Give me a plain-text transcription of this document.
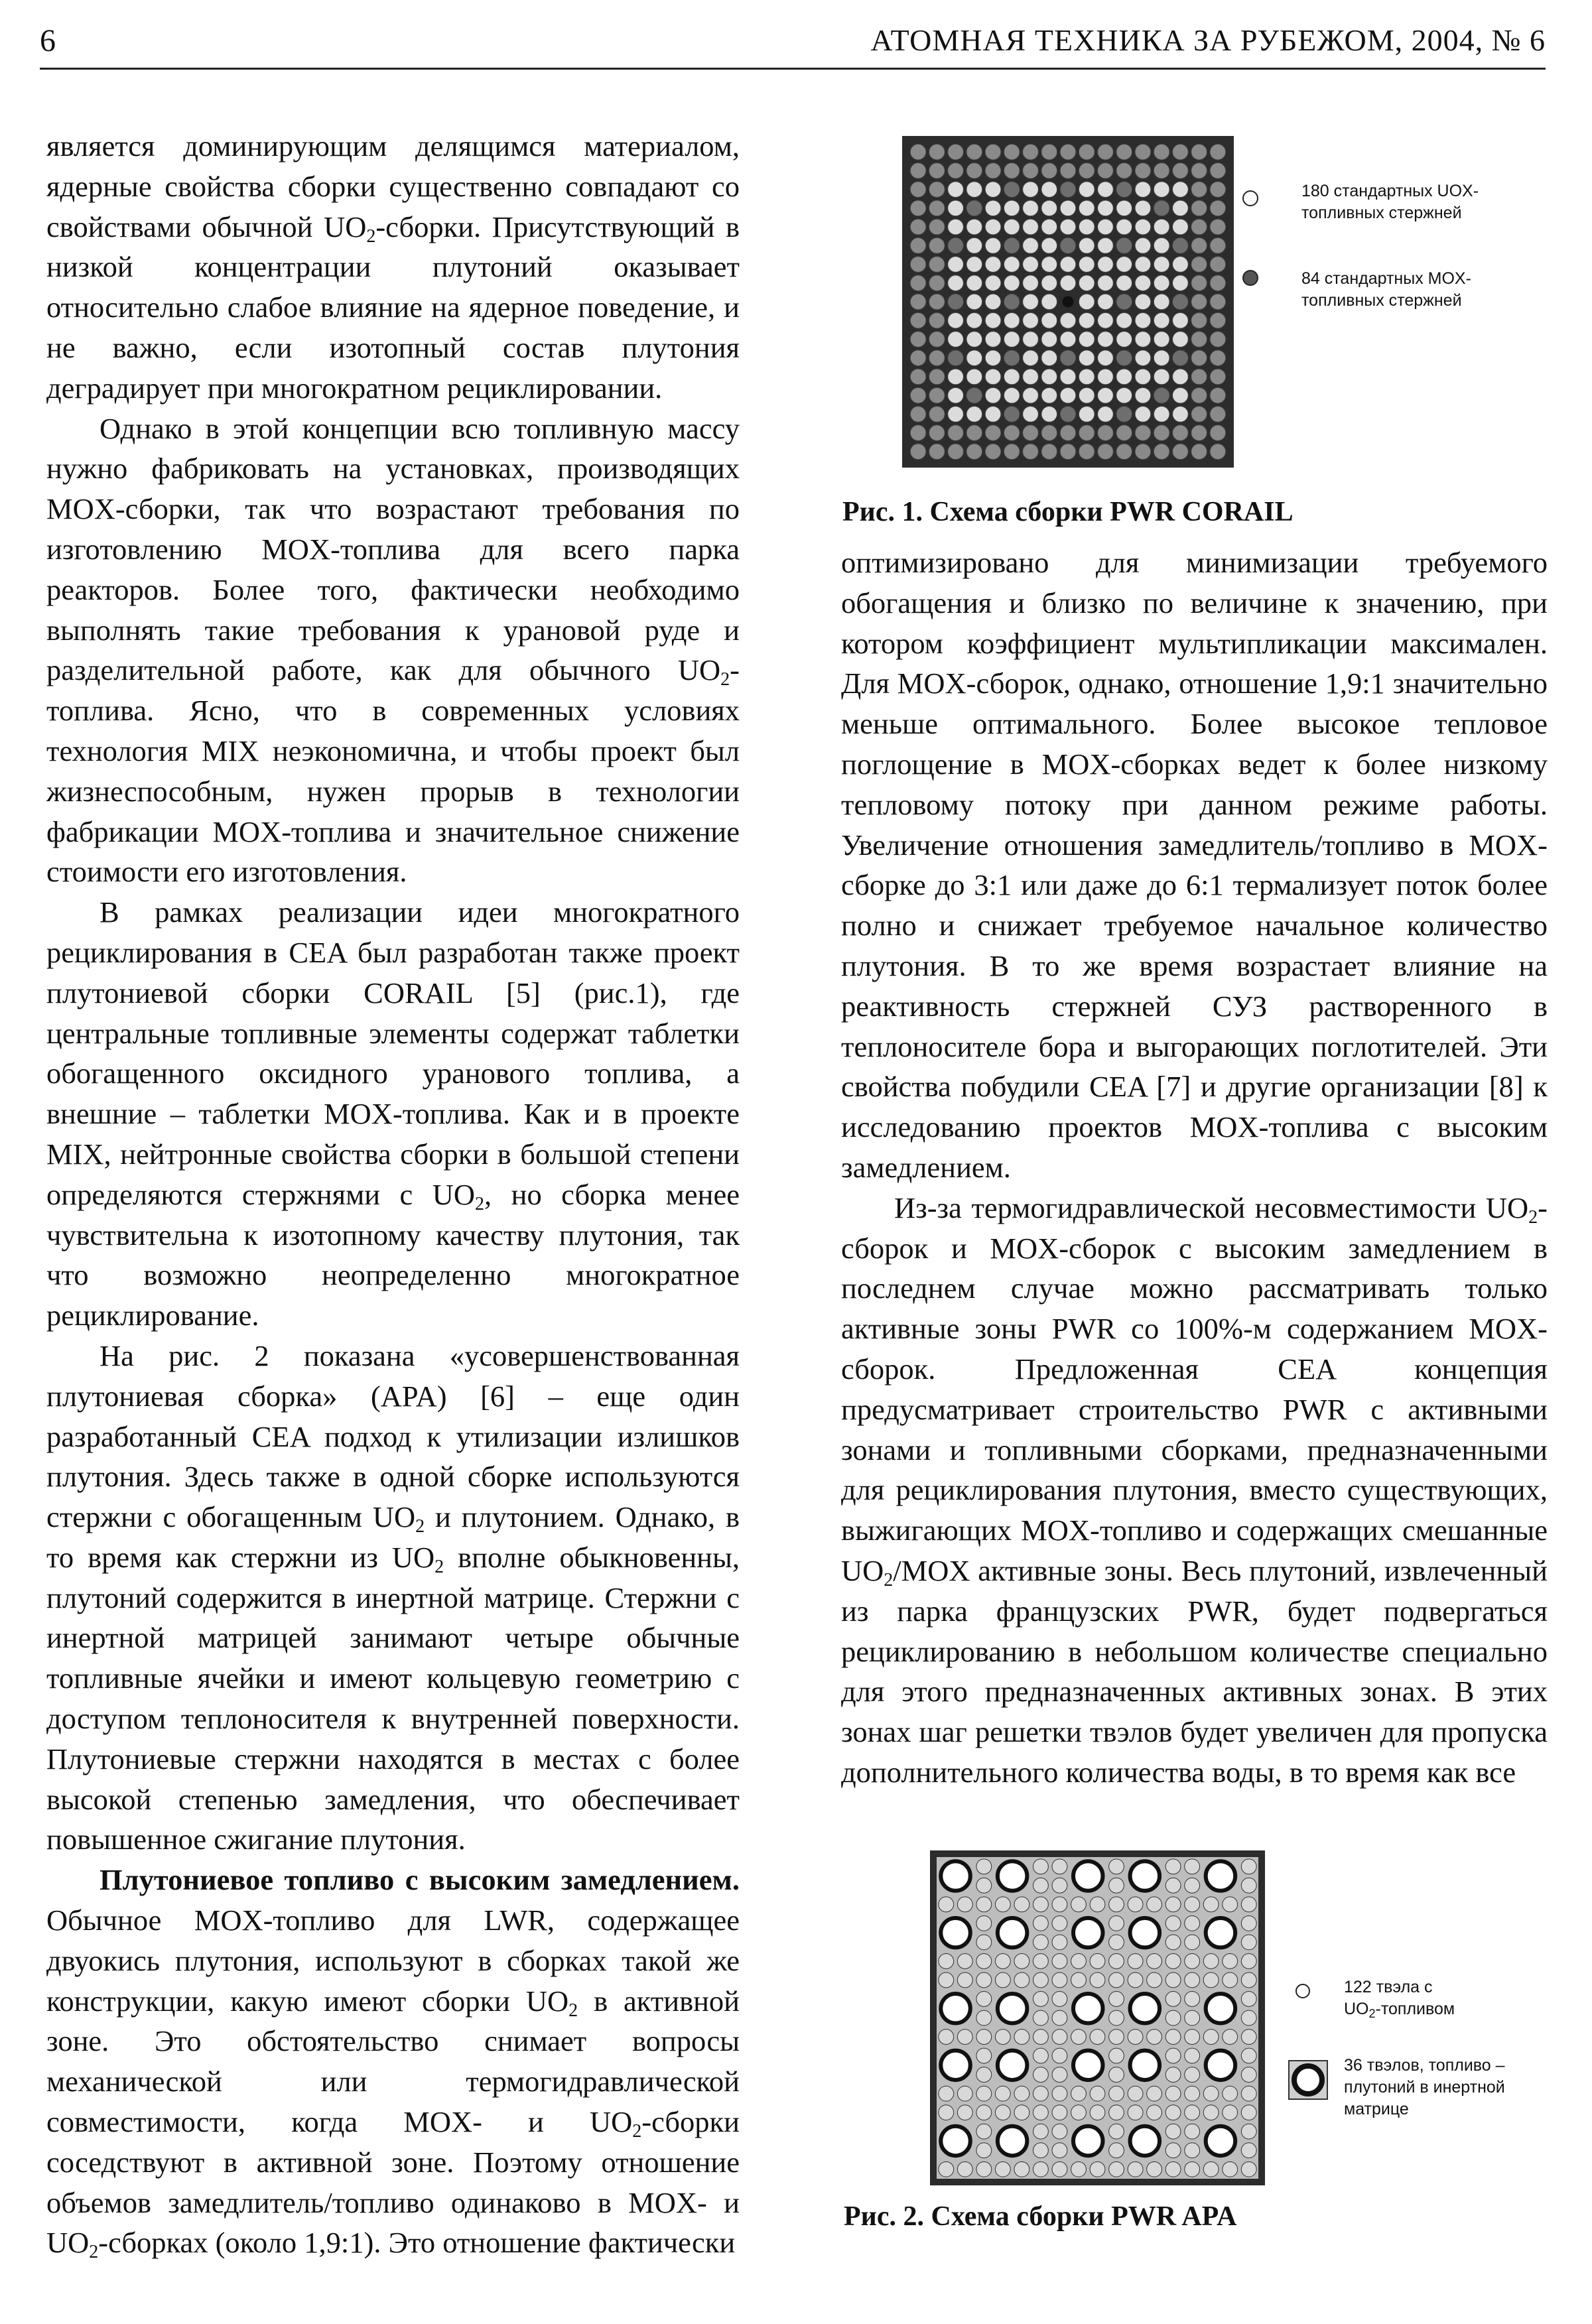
6	АТОМНАЯ ТЕХНИКА ЗА РУБЕЖОМ, 2004, № 6

является доминирующим делящимся материалом, ядерные свойства сборки существенно совпадают со свойствами обычной $UO_2$-сборки. Присутствующий в низкой концентрации плутоний оказывает относительно слабое влияние на ядерное поведение, и не важно, если изотопный состав плутония деградирует при многократном рециклировании.

Однако в этой концепции всю топливную массу нужно фабриковать на установках, производящих MOX-сборки, так что возрастают требования по изготовлению MOX-топлива для всего парка реакторов. Более того, фактически необходимо выполнять такие требования к урановой руде и разделительной работе, как для обычного $UO_2$-топлива. Ясно, что в современных условиях технология MIX неэкономична, и чтобы проект был жизнеспособным, нужен прорыв в технологии фабрикации MOX-топлива и значительное снижение стоимости его изготовления.

В рамках реализации идеи многократного рециклирования в CEA был разработан также проект плутониевой сборки CORAIL [5] (рис.1), где центральные топливные элементы содержат таблетки обогащенного оксидного уранового топлива, а внешние – таблетки MOX-топлива. Как и в проекте MIX, нейтронные свойства сборки в большой степени определяются стержнями с $UO_2$, но сборка менее чувствительна к изотопному качеству плутония, так что возможно неопределенно многократное рециклирование.

На рис. 2 показана «усовершенствованная плутониевая сборка» (APA) [6] – еще один разработанный CEA подход к утилизации излишков плутония. Здесь также в одной сборке используются стержни с обогащенным $UO_2$ и плутонием. Однако, в то время как стержни из $UO_2$ вполне обыкновенны, плутоний содержится в инертной матрице. Стержни с инертной матрицей занимают четыре обычные топливные ячейки и имеют кольцевую геометрию с доступом теплоносителя к внутренней поверхности. Плутониевые стержни находятся в местах с более высокой степенью замедления, что обеспечивает повышенное сжигание плутония.

Плутониевое топливо с высоким замедлением. Обычное MOX-топливо для LWR, содержащее двуокись плутония, используют в сборках такой же конструкции, какую имеют сборки $UO_2$ в активной зоне. Это обстоятельство снимает вопросы механической или термогидравлической совместимости, когда MOX- и $UO_2$-сборки соседствуют в активной зоне. Поэтому отношение объемов замедлитель/топливо одинаково в MOX- и $UO_2$-сборках (около 1,9:1). Это отношение фактически

180 стандартных UOX-
топливных стержней
84 стандартных MOX-
топливных стержней
Рис. 1. Схема сборки PWR CORAIL

оптимизировано для минимизации требуемого обогащения и близко по величине к значению, при котором коэффициент мультипликации максимален. Для MOX-сборок, однако, отношение 1,9:1 значительно меньше оптимального. Более высокое тепловое поглощение в MOX-сборках ведет к более низкому тепловому потоку при данном режиме работы. Увеличение отношения замедлитель/топливо в MOX-сборке до 3:1 или даже до 6:1 термализует поток более полно и снижает требуемое начальное количество плутония. В то же время возрастает влияние на реактивность стержней СУЗ растворенного в теплоносителе бора и выгорающих поглотителей. Эти свойства побудили CEA [7] и другие организации [8] к исследованию проектов MOX-топлива с высоким замедлением.

Из-за термогидравлической несовместимости $UO_2$-сборок и MOX-сборок с высоким замедлением в последнем случае можно рассматривать только активные зоны PWR со 100%-м содержанием MOX-сборок. Предложенная CEA концепция предусматривает строительство PWR с активными зонами и топливными сборками, предназначенными для рециклирования плутония, вместо существующих, выжигающих MOX-топливо и содержащих смешанные $UO_2$/MOX активные зоны. Весь плутоний, извлеченный из парка французских PWR, будет подвергаться рециклированию в небольшом количестве специально для этого предназначенных активных зонах. В этих зонах шаг решетки твэлов будет увеличен для пропуска дополнительного количества воды, в то время как все

122 твэла с
$UO_2$-топливом
36 твэлов, топливо –
плутоний в инертной
матрице
Рис. 2. Схема сборки PWR APA
